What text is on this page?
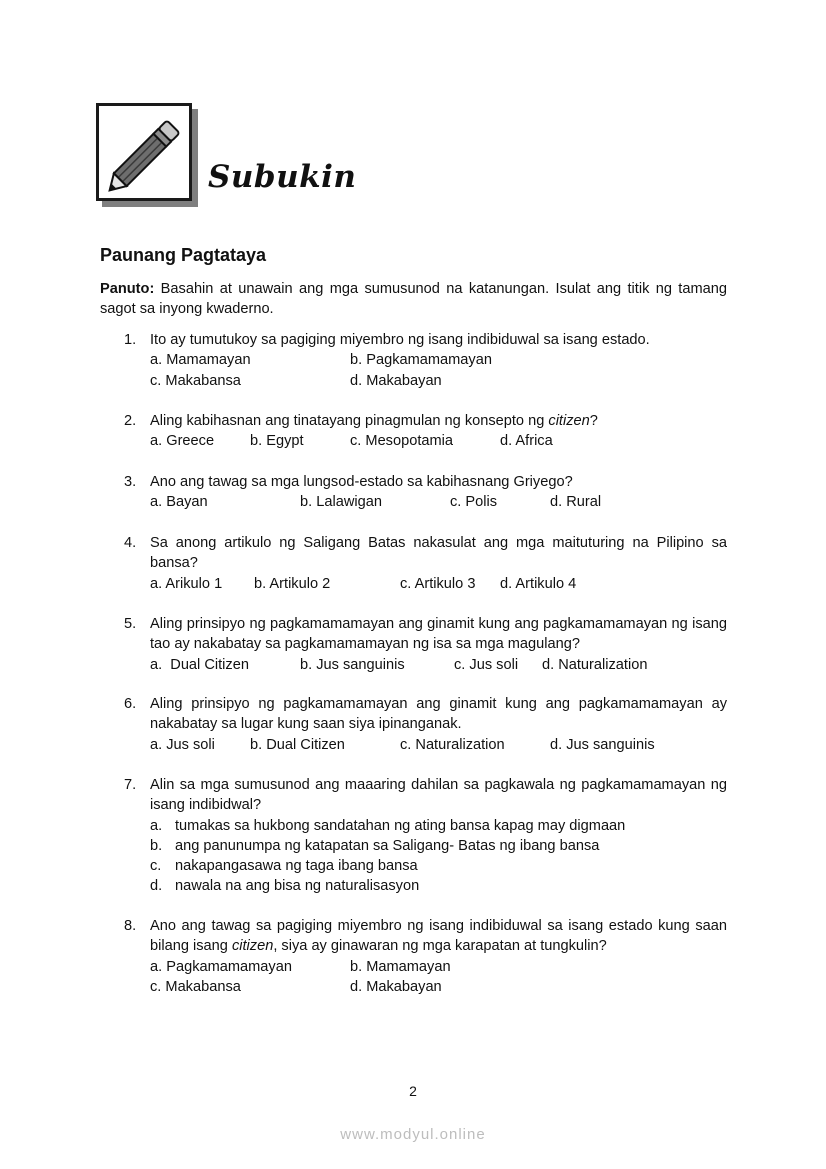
Subukin
Paunang Pagtataya

Panuto: Basahin at unawain ang mga sumusunod na katanungan. Isulat ang titik ng tamang sagot sa inyong kwaderno.

1. Ito ay tumutukoy sa pagiging miyembro ng isang indibiduwal sa isang estado.
a. Mamamayan	b. Pagkamamamayan
c. Makabansa	d. Makabayan
2. Aling kabihasnan ang tinatayang pinagmulan ng konsepto ng citizen?
a. Greece b. Egypt	c. Mesopotamia	d. Africa
3. Ano ang tawag sa mga lungsod-estado sa kabihasnang Griyego?
a. Bayan	b. Lalawigan	c. Polis	d. Rural
4. Sa anong artikulo ng Saligang Batas nakasulat ang mga maituturing na Pilipino sa bansa?
a. Arikulo 1 b. Artikulo 2	c. Artikulo 3 d. Artikulo 4
5. Aling prinsipyo ng pagkamamamayan ang ginamit kung ang pagkamamamayan ng isang tao ay nakabatay sa pagkamamamayan ng isa sa mga magulang?
a.  Dual Citizen	b. Jus sanguinis	c. Jus soli d. Naturalization
6. Aling prinsipyo ng pagkamamamayan ang ginamit kung ang pagkamamamayan ay nakabatay sa lugar kung saan siya ipinanganak.
a. Jus soli b. Dual Citizen	c. Naturalization	d. Jus sanguinis
7. Alin sa mga sumusunod ang maaaring dahilan sa pagkawala ng pagkamamamayan ng isang indibidwal?
a. tumakas sa hukbong sandatahan ng ating bansa kapag may digmaan
b. ang panunumpa ng katapatan sa Saligang- Batas ng ibang bansa
c. nakapangasawa ng taga ibang bansa
d. nawala na ang bisa ng naturalisasyon
8. Ano ang tawag sa pagiging miyembro ng isang indibiduwal sa isang estado kung saan bilang isang citizen, siya ay ginawaran ng mga karapatan at tungkulin?
a. Pagkamamamayan	b. Mamamayan
c. Makabansa	d. Makabayan
2
www.modyul.online
